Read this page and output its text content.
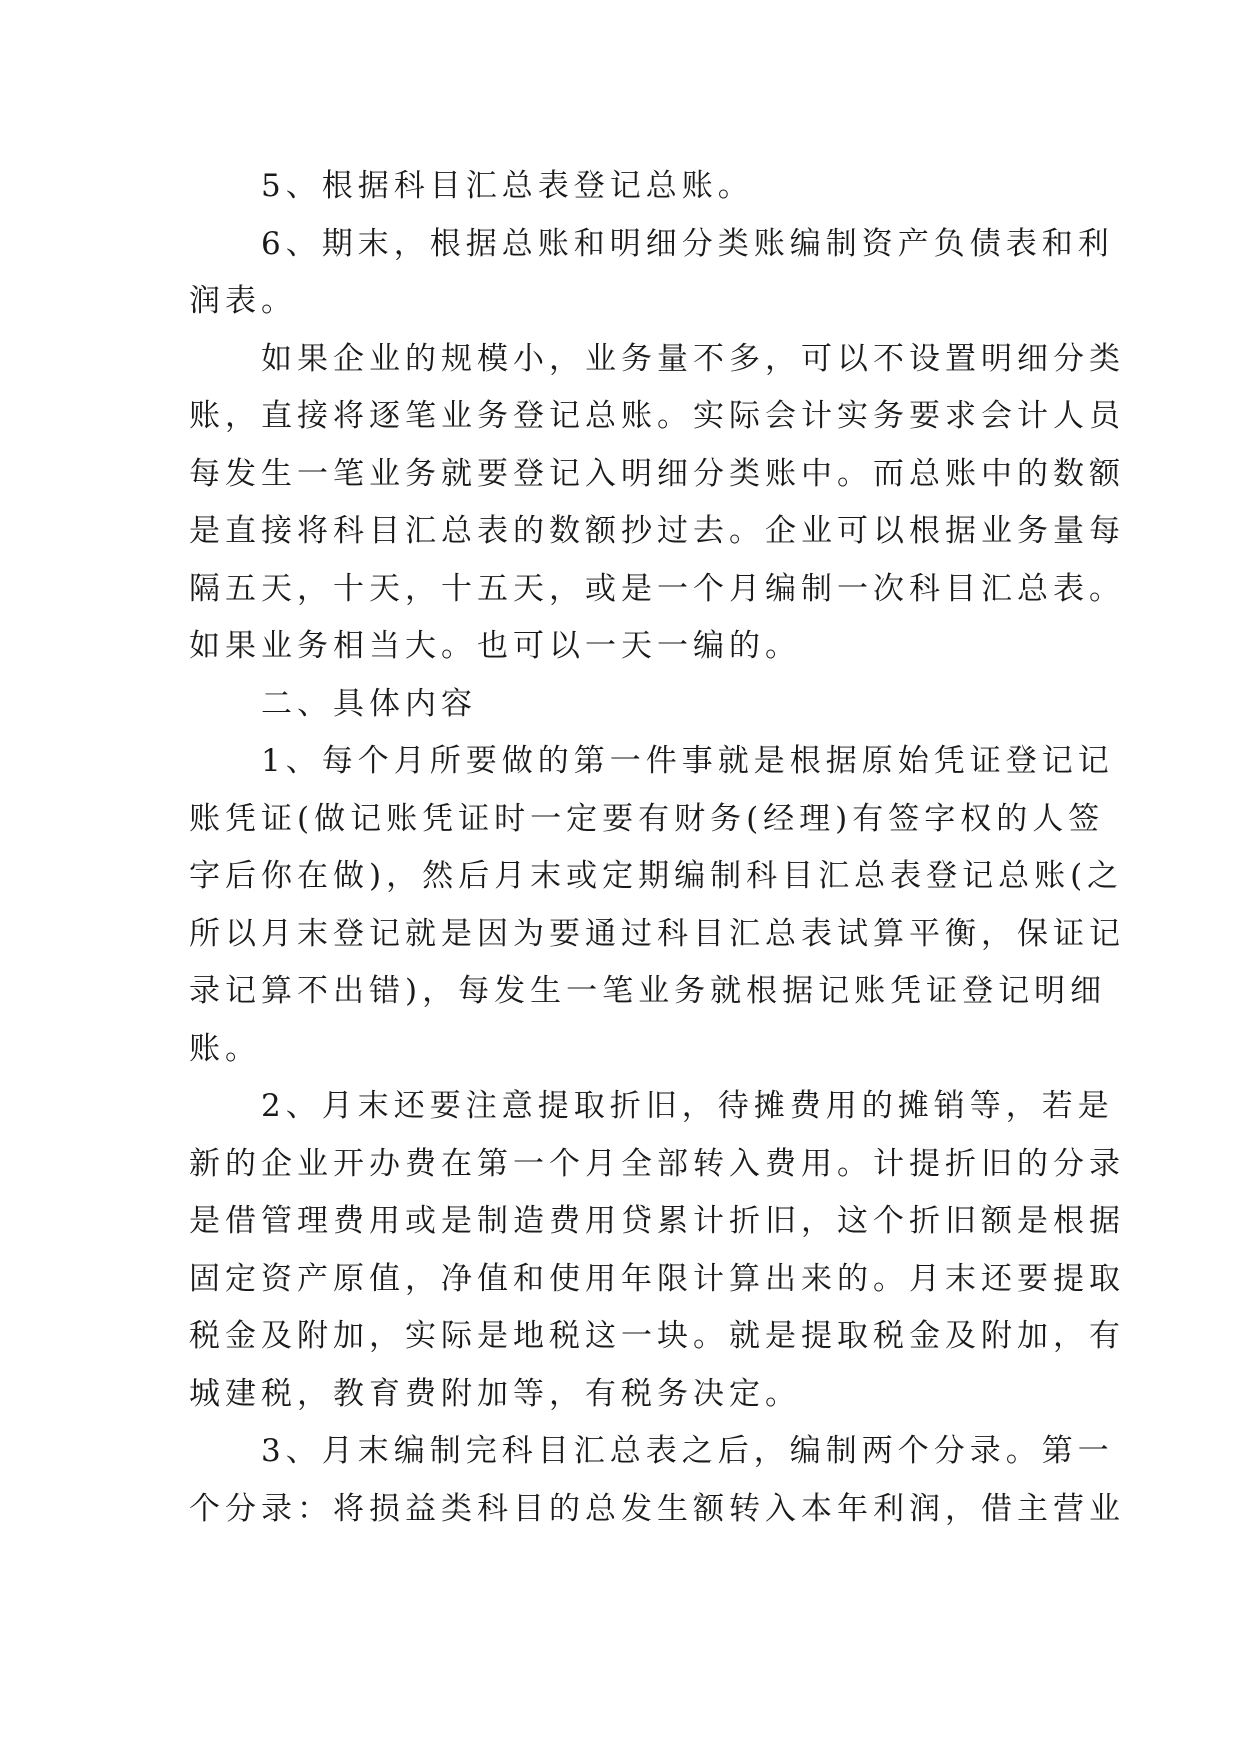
5、根据科目汇总表登记总账。

6、期末，根据总账和明细分类账编制资产负债表和利
润表。

如果企业的规模小，业务量不多，可以不设置明细分类
账，直接将逐笔业务登记总账。实际会计实务要求会计人员
每发生一笔业务就要登记入明细分类账中。而总账中的数额
是直接将科目汇总表的数额抄过去。企业可以根据业务量每
隔五天，十天，十五天，或是一个月编制一次科目汇总表。
如果业务相当大。也可以一天一编的。

二、具体内容

1、每个月所要做的第一件事就是根据原始凭证登记记
账凭证(做记账凭证时一定要有财务(经理)有签字权的人签
字后你在做)，然后月末或定期编制科目汇总表登记总账(之
所以月末登记就是因为要通过科目汇总表试算平衡，保证记
录记算不出错)，每发生一笔业务就根据记账凭证登记明细
账。

2、月末还要注意提取折旧，待摊费用的摊销等，若是
新的企业开办费在第一个月全部转入费用。计提折旧的分录
是借管理费用或是制造费用贷累计折旧，这个折旧额是根据
固定资产原值，净值和使用年限计算出来的。月末还要提取
税金及附加，实际是地税这一块。就是提取税金及附加，有
城建税，教育费附加等，有税务决定。

3、月末编制完科目汇总表之后，编制两个分录。第一
个分录：将损益类科目的总发生额转入本年利润，借主营业
